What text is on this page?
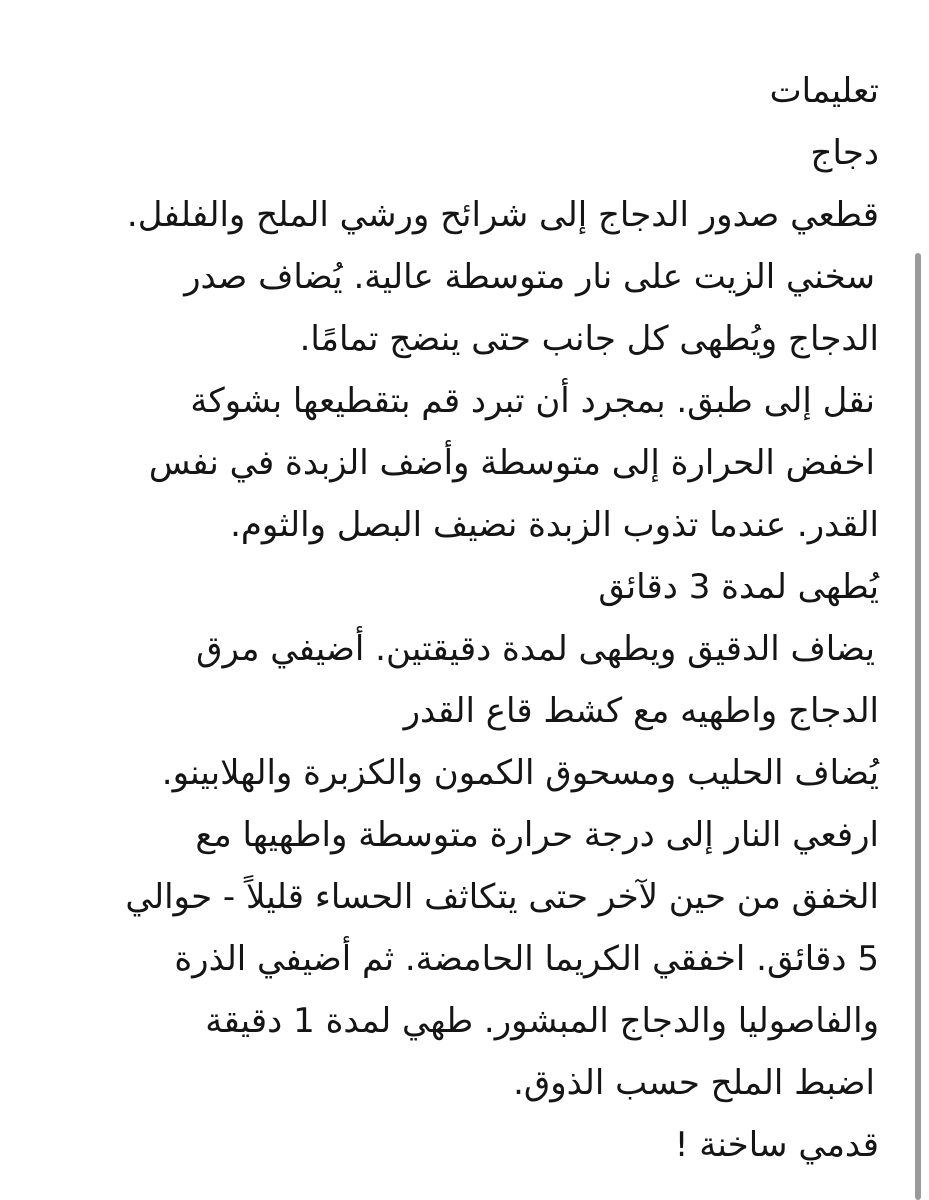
تعليمات
دجاج
قطعي صدور الدجاج إلى شرائح ورشي الملح والفلفل.
سخني الزيت على نار متوسطة عالية. يُضاف صدر
الدجاج ويُطهى كل جانب حتى ينضج تمامًا.
نقل إلى طبق. بمجرد أن تبرد قم بتقطيعها بشوكة
اخفض الحرارة إلى متوسطة وأضف الزبدة في نفس
القدر. عندما تذوب الزبدة نضيف البصل والثوم.
يُطهى لمدة 3 دقائق
يضاف الدقيق ويطهى لمدة دقيقتين. أضيفي مرق
الدجاج واطهيه مع كشط قاع القدر
يُضاف الحليب ومسحوق الكمون والكزبرة والهلابينو.
ارفعي النار إلى درجة حرارة متوسطة واطهيها مع
الخفق من حين لآخر حتى يتكاثف الحساء قليلاً - حوالي
5 دقائق. اخفقي الكريما الحامضة. ثم أضيفي الذرة
والفاصوليا والدجاج المبشور. طهي لمدة 1 دقيقة
اضبط الملح حسب الذوق.
قدمي ساخنة !
